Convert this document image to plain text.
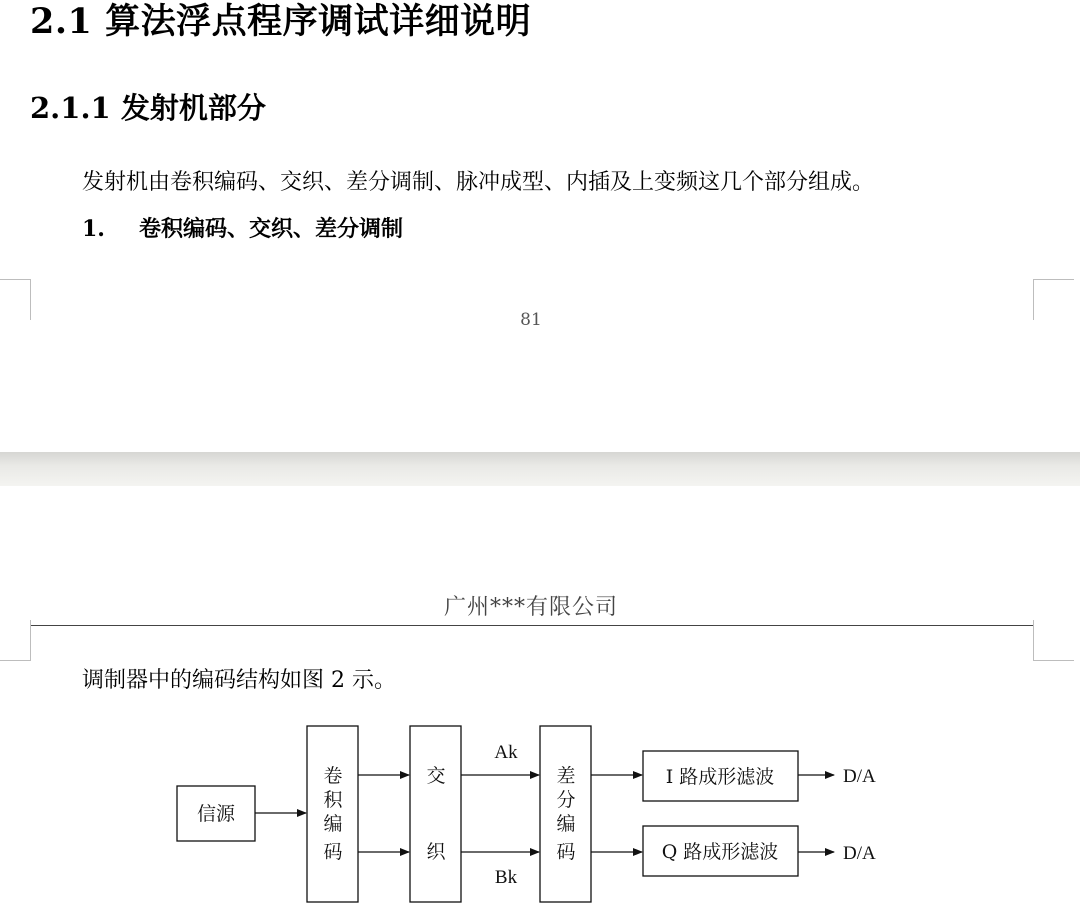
2.1 算法浮点程序调试详细说明
2.1.1 发射机部分
发射机由卷积编码、交织、差分调制、脉冲成型、内插及上变频这几个部分组成。
1. 卷积编码、交织、差分调制
81
广州***有限公司
调制器中的编码结构如图 2 示。
信源
卷
积
编
码
交
织
差
分
编
码
I 路成形滤波
Q 路成形滤波
Ak
Bk
D/A
D/A
